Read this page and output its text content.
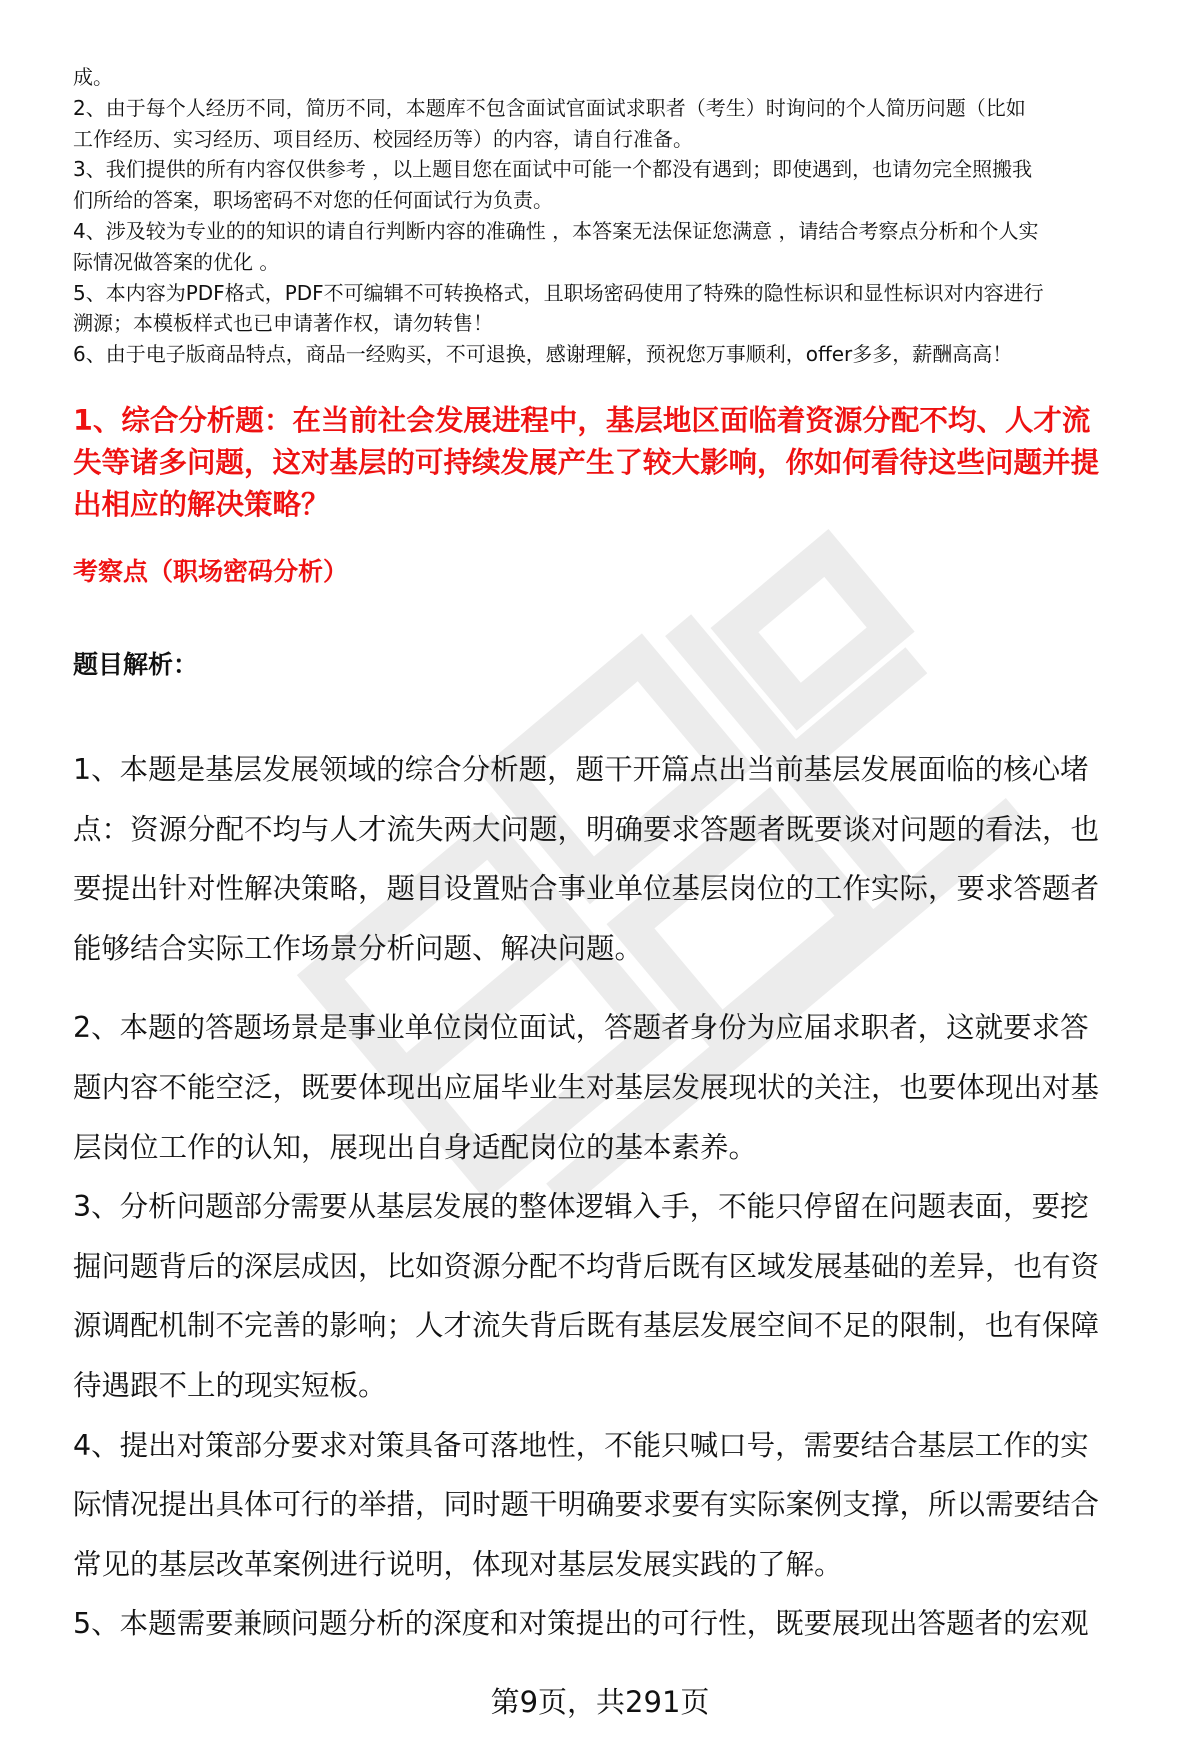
成。

2、由于每个人经历不同，简历不同，本题库不包含面试官面试求职者（考生）时询问的个人简历问题（比如

工作经历、实习经历、项目经历、校园经历等）的内容，请自行准备。

3、我们提供的所有内容仅供参考 ，以上题目您在面试中可能一个都没有遇到；即使遇到，也请勿完全照搬我

们所给的答案，职场密码不对您的任何面试行为负责。

4、涉及较为专业的的知识的请自行判断内容的准确性 ，本答案无法保证您满意 ，请结合考察点分析和个人实

际情况做答案的优化 。

5、本内容为PDF格式，PDF不可编辑不可转换格式，且职场密码使用了特殊的隐性标识和显性标识对内容进行

溯源；本模板样式也已申请著作权，请勿转售！

6、由于电子版商品特点，商品一经购买，不可退换，感谢理解，预祝您万事顺利，offer多多，薪酬高高！

1、综合分析题：在当前社会发展进程中，基层地区面临着资源分配不均、人才流
失等诸多问题，这对基层的可持续发展产生了较大影响，你如何看待这些问题并提
出相应的解决策略？
考察点（职场密码分析）
题目解析：

1、本题是基层发展领域的综合分析题，题干开篇点出当前基层发展面临的核心堵
点：资源分配不均与人才流失两大问题，明确要求答题者既要谈对问题的看法，也
要提出针对性解决策略，题目设置贴合事业单位基层岗位的工作实际，要求答题者
能够结合实际工作场景分析问题、解决问题。

2、本题的答题场景是事业单位岗位面试，答题者身份为应届求职者，这就要求答
题内容不能空泛，既要体现出应届毕业生对基层发展现状的关注，也要体现出对基
层岗位工作的认知，展现出自身适配岗位的基本素养。

3、分析问题部分需要从基层发展的整体逻辑入手，不能只停留在问题表面，要挖
掘问题背后的深层成因，比如资源分配不均背后既有区域发展基础的差异，也有资
源调配机制不完善的影响；人才流失背后既有基层发展空间不足的限制，也有保障
待遇跟不上的现实短板。

4、提出对策部分要求对策具备可落地性，不能只喊口号，需要结合基层工作的实
际情况提出具体可行的举措，同时题干明确要求要有实际案例支撑，所以需要结合
常见的基层改革案例进行说明，体现对基层发展实践的了解。

5、本题需要兼顾问题分析的深度和对策提出的可行性，既要展现出答题者的宏观

第9页，共291页
